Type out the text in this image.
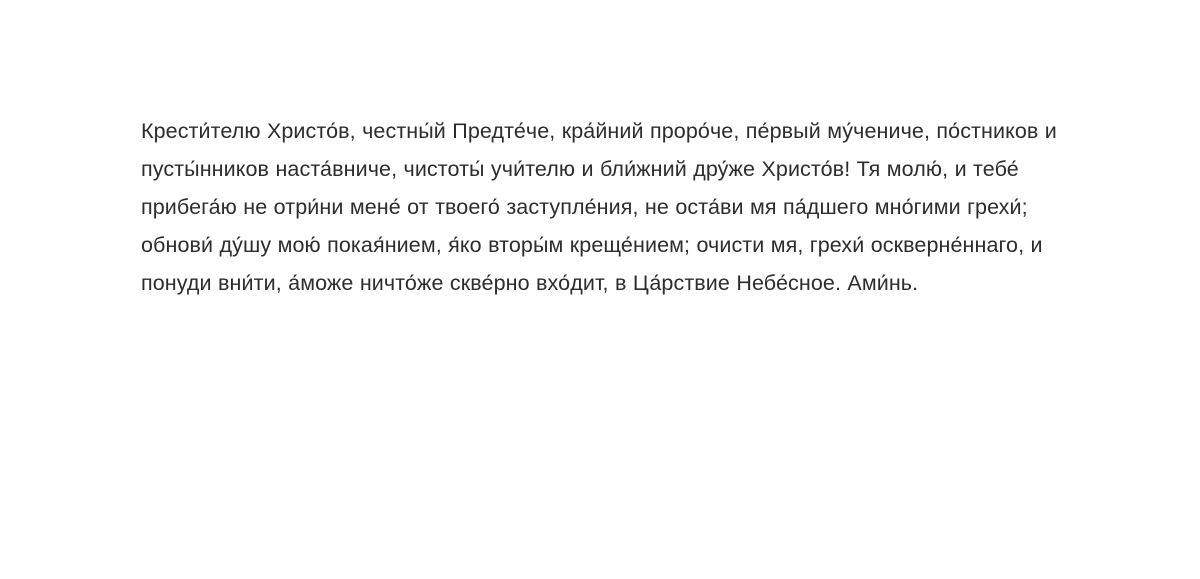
Крести́телю Христо́в, честны́й Предте́че, кра́йний проро́че, пе́рвый му́чениче, по́стников и пусты́нников наста́вниче, чистоты́ учи́телю и бли́жний дру́же Христо́в! Тя молю́, и тебе́ прибега́ю не отри́ни мене́ от твоего́ заступле́ния, не оста́ви мя па́дшего мно́гими грехи́; обнови́ ду́шу мою́ покая́нием, я́ко вторы́м креще́нием; очисти мя, грехи́ оскверне́ннаго, и понуди вни́ти, а́може ничто́же скве́рно вхо́дит, в Ца́рствие Небе́сное. Ами́нь.
